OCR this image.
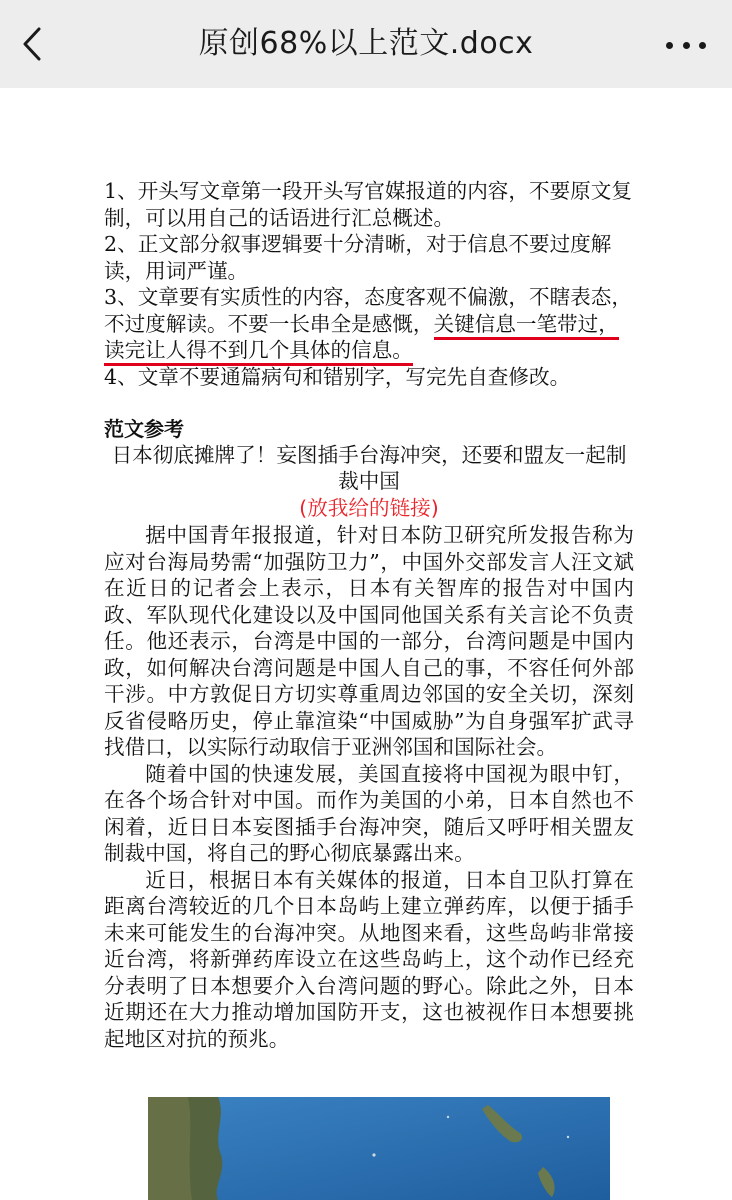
原创68%以上范文.docx

1、开头写文章第一段开头写官媒报道的内容，不要原文复制，可以用自己的话语进行汇总概述。

2、正文部分叙事逻辑要十分清晰，对于信息不要过度解读，用词严谨。

3、文章要有实质性的内容，态度客观不偏激，不瞎表态，不过度解读。不要一长串全是感慨，关键信息一笔带过，读完让人得不到几个具体的信息。

4、文章不要通篇病句和错别字，写完先自查修改。

范文参考

日本彻底摊牌了！妄图插手台海冲突，还要和盟友一起制裁中国

(放我给的链接)

据中国青年报报道，针对日本防卫研究所发报告称为应对台海局势需“加强防卫力”，中国外交部发言人汪文斌在近日的记者会上表示，日本有关智库的报告对中国内政、军队现代化建设以及中国同他国关系有关言论不负责任。他还表示，台湾是中国的一部分，台湾问题是中国内政，如何解决台湾问题是中国人自己的事，不容任何外部干涉。中方敦促日方切实尊重周边邻国的安全关切，深刻反省侵略历史，停止靠渲染“中国威胁”为自身强军扩武寻找借口，以实际行动取信于亚洲邻国和国际社会。

随着中国的快速发展，美国直接将中国视为眼中钉，在各个场合针对中国。而作为美国的小弟，日本自然也不闲着，近日日本妄图插手台海冲突，随后又呼吁相关盟友制裁中国，将自己的野心彻底暴露出来。

近日，根据日本有关媒体的报道，日本自卫队打算在距离台湾较近的几个日本岛屿上建立弹药库，以便于插手未来可能发生的台海冲突。从地图来看，这些岛屿非常接近台湾，将新弹药库设立在这些岛屿上，这个动作已经充分表明了日本想要介入台湾问题的野心。除此之外，日本近期还在大力推动增加国防开支，这也被视作日本想要挑起地区对抗的预兆。
